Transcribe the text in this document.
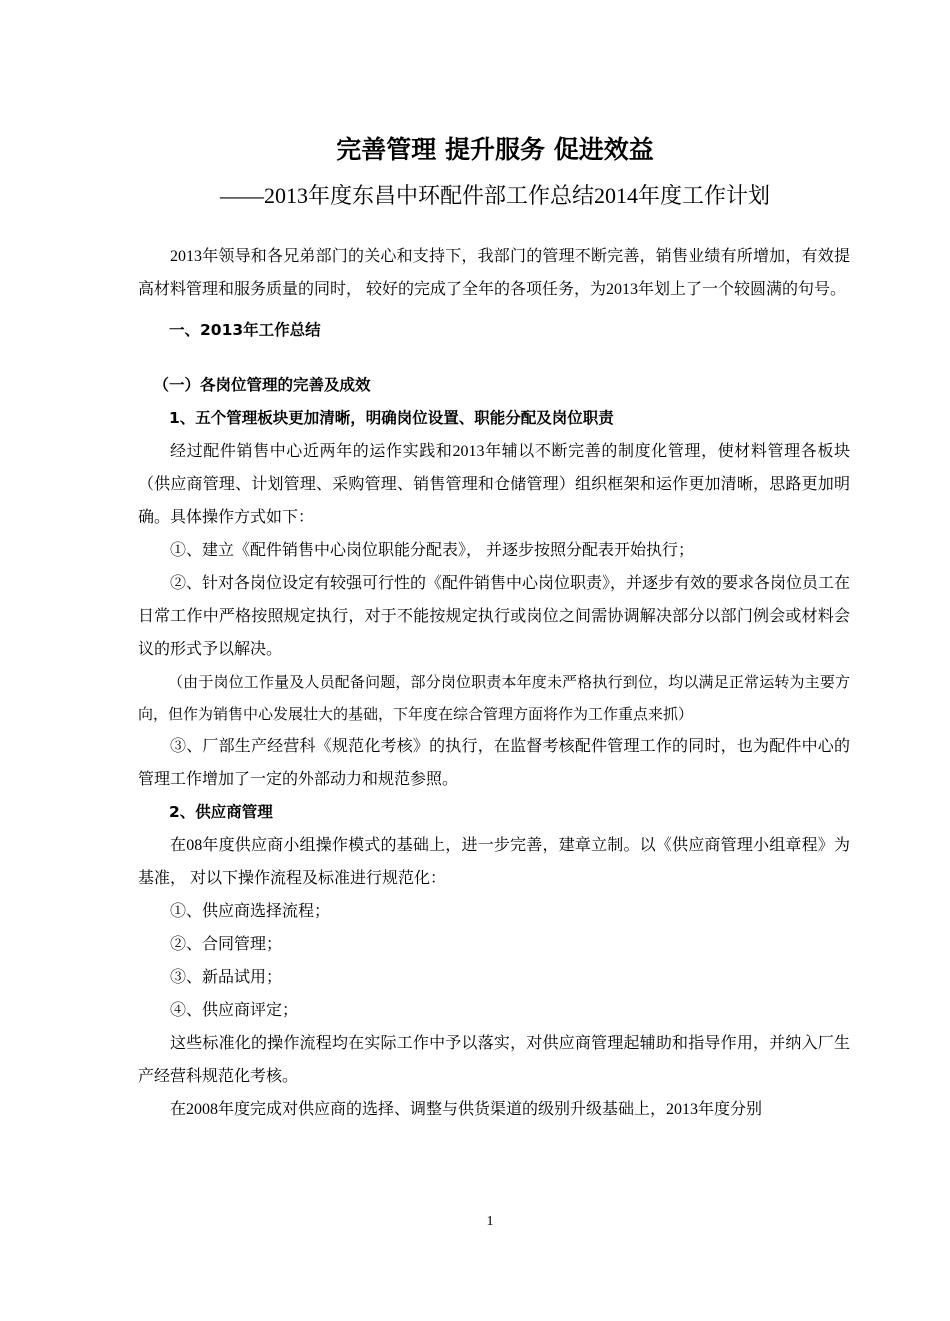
完善管理 提升服务 促进效益
——2013年度东昌中环配件部工作总结2014年度工作计划

2013年领导和各兄弟部门的关心和支持下，我部门的管理不断完善，销售业绩有所增加，有效提高材料管理和服务质量的同时， 较好的完成了全年的各项任务，为2013年划上了一个较圆满的句号。

一、2013年工作总结

（一）各岗位管理的完善及成效

1、五个管理板块更加清晰，明确岗位设置、职能分配及岗位职责

经过配件销售中心近两年的运作实践和2013年辅以不断完善的制度化管理，使材料管理各板块（供应商管理、计划管理、采购管理、销售管理和仓储管理）组织框架和运作更加清晰，思路更加明确。具体操作方式如下：

①、建立《配件销售中心岗位职能分配表》， 并逐步按照分配表开始执行；

②、针对各岗位设定有较强可行性的《配件销售中心岗位职责》，并逐步有效的要求各岗位员工在日常工作中严格按照规定执行，对于不能按规定执行或岗位之间需协调解决部分以部门例会或材料会议的形式予以解决。

（由于岗位工作量及人员配备问题，部分岗位职责本年度未严格执行到位，均以满足正常运转为主要方向，但作为销售中心发展壮大的基础，下年度在综合管理方面将作为工作重点来抓）

③、厂部生产经营科《规范化考核》的执行，在监督考核配件管理工作的同时，也为配件中心的管理工作增加了一定的外部动力和规范参照。

2、供应商管理

在08年度供应商小组操作模式的基础上，进一步完善，建章立制。以《供应商管理小组章程》为基准， 对以下操作流程及标准进行规范化：

①、供应商选择流程；

②、合同管理；

③、新品试用；

④、供应商评定；

这些标准化的操作流程均在实际工作中予以落实，对供应商管理起辅助和指导作用，并纳入厂生产经营科规范化考核。

在2008年度完成对供应商的选择、调整与供货渠道的级别升级基础上，2013年度分别

1
